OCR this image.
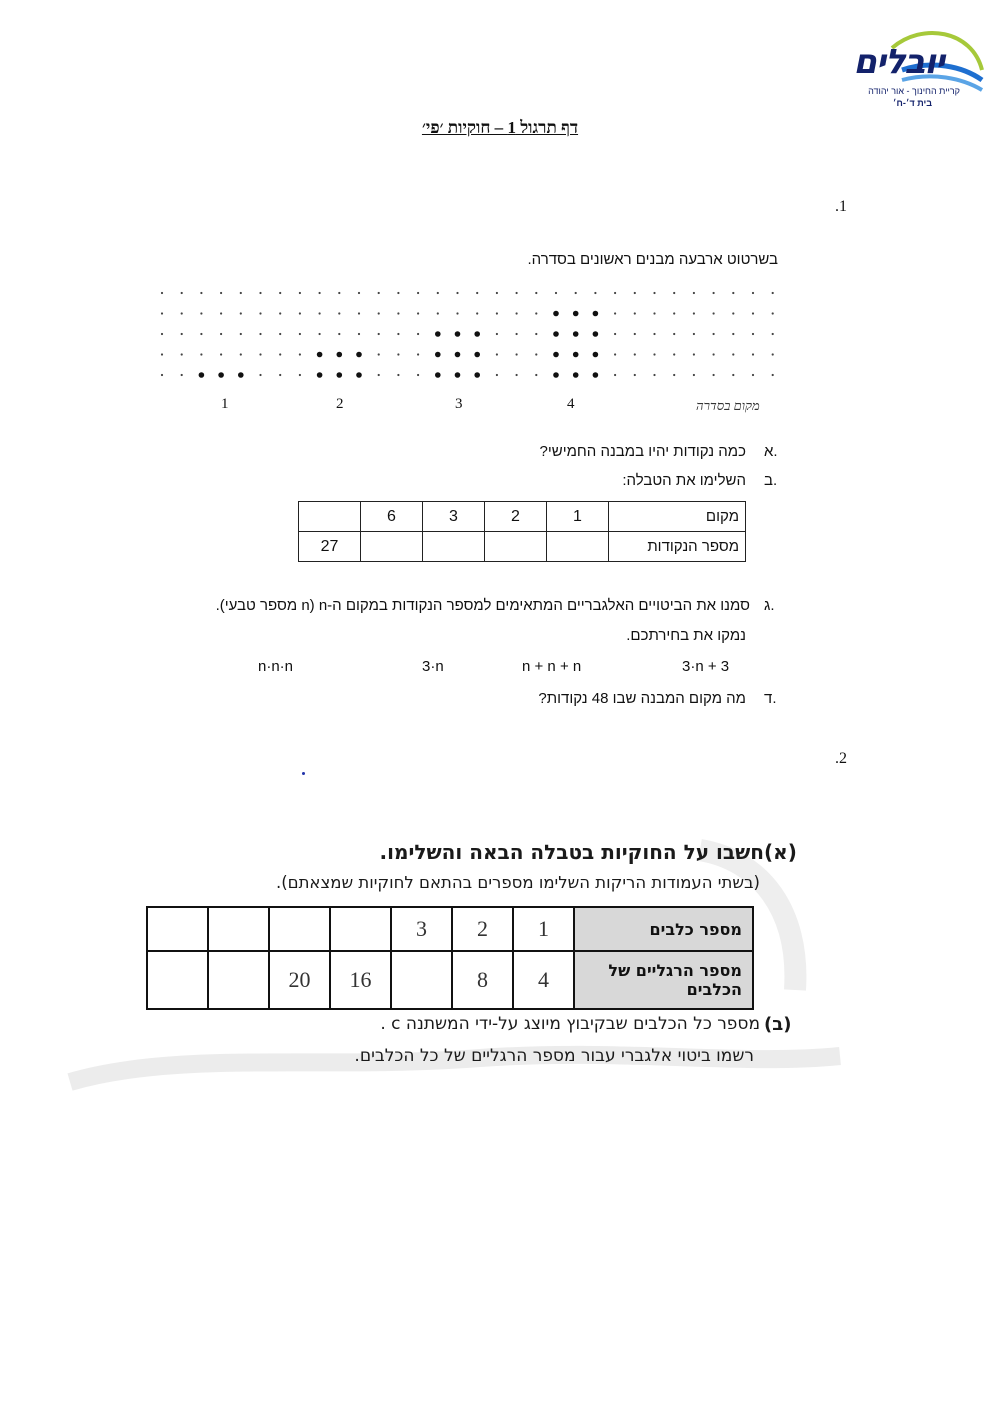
יובלים
קריית החינוך - אור יהודה
בית ד׳-ח׳
דף תרגול 1 – חוקיות ׳פי׳
.1
בשרטוט ארבעה מבנים ראשונים בסדרה.
מקום בסדרה
1	2	3	4
א.
כמה נקודות יהיו במבנה החמישי?
ב.
השלימו את הטבלה:
מקום	1	2	3	6	
מספר הנקודות					27
ג.
סמנו את הביטויים האלגבריים המתאימים למספר הנקודות במקום ה-n (n מספר טבעי).
נמקו את בחירתכם.
3·n + 3
n + n + n
3·n
n·n·n
ד.
מה מקום המבנה שבו 48 נקודות?
.2
(א)
חשבו על החוקיות בטבלה הבאה והשלימו.
(בשתי העמודות הריקות השלימו מספרים בהתאם לחוקיות שמצאתם).
מספר כלבים	1	2	3				
מספר הרגליים של הכלבים	4	8		16	20		
(ב)
מספר כל הכלבים שבקיבוץ מיוצג על-ידי המשתנה c .
רשמו ביטוי אלגברי עבור מספר הרגליים של כל הכלבים.
